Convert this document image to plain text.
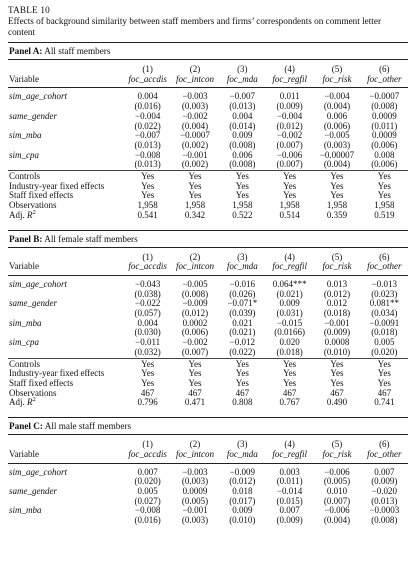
TABLE 10
Effects of background similarity between staff members and firms’ correspondents on comment letter content
Panel A: All staff members
	(1)	(2)	(3)	(4)	(5)	(6)
Variable	foc_accdis	foc_intcon	foc_mda	foc_regfil	foc_risk	foc_other
sim_age_cohort	0.004	−0.003	−0.007	0.011	−0.004	−0.0007
	(0.016)	(0.003)	(0.013)	(0.009)	(0.004)	(0.008)
same_gender	−0.004	−0.002	0.004	−0.004	0.006	0.0009
	(0.022)	(0.004)	(0.014)	(0.012)	(0.006)	(0.011)
sim_mba	−0.007	−0.0007	0.009	−0.002	−0.005	0.0009
	(0.013)	(0.002)	(0.008)	(0.007)	(0.003)	(0.006)
sim_cpa	−0.008	−0.001	0.006	−0.006	−0.00007	0.008
	(0.013)	(0.002)	(0.008)	(0.007)	(0.004)	(0.006)
Controls	Yes	Yes	Yes	Yes	Yes	Yes
Industry-year fixed effects	Yes	Yes	Yes	Yes	Yes	Yes
Staff fixed effects	Yes	Yes	Yes	Yes	Yes	Yes
Observations	1,958	1,958	1,958	1,958	1,958	1,958
Adj. $R^2$	0.541	0.342	0.522	0.514	0.359	0.519
Panel B: All female staff members
	(1)	(2)	(3)	(4)	(5)	(6)
Variable	foc_accdis	foc_intcon	foc_mda	foc_regfil	foc_risk	foc_other
sim_age_cohort	−0.043	−0.005	−0.016	0.064***	0.013	−0.013
	(0.038)	(0.008)	(0.026)	(0.021)	(0.012)	(0.023)
same_gender	−0.022	−0.009	−0.071*	0.009	0.012	0.081**
	(0.057)	(0.012)	(0.039)	(0.031)	(0.018)	(0.034)
sim_mba	0.004	0.0002	0.021	−0.015	−0.001	−0.0091
	(0.030)	(0.006)	(0.021)	(0.0166)	(0.009)	(0.018)
sim_cpa	−0.011	−0.002	−0.012	0.020	0.0008	0.005
	(0.032)	(0.007)	(0.022)	(0.018)	(0.010)	(0.020)
Controls	Yes	Yes	Yes	Yes	Yes	Yes
Industry-year fixed effects	Yes	Yes	Yes	Yes	Yes	Yes
Staff fixed effects	Yes	Yes	Yes	Yes	Yes	Yes
Observations	467	467	467	467	467	467
Adj. $R^2$	0.796	0.471	0.808	0.767	0.490	0.741
Panel C: All male staff members
	(1)	(2)	(3)	(4)	(5)	(6)
Variable	foc_accdis	foc_intcon	foc_mda	foc_regfil	foc_risk	foc_other
sim_age_cohort	0.007	−0.003	−0.009	0.003	−0.006	0.007
	(0.020)	(0.003)	(0.012)	(0.011)	(0.005)	(0.009)
same_gender	0.005	0.0009	0.018	−0.014	0.010	−0.020
	(0.027)	(0.005)	(0.017)	(0.015)	(0.007)	(0.013)
sim_mba	−0.008	−0.001	0.009	0.007	−0.006	−0.0003
	(0.016)	(0.003)	(0.010)	(0.009)	(0.004)	(0.008)
